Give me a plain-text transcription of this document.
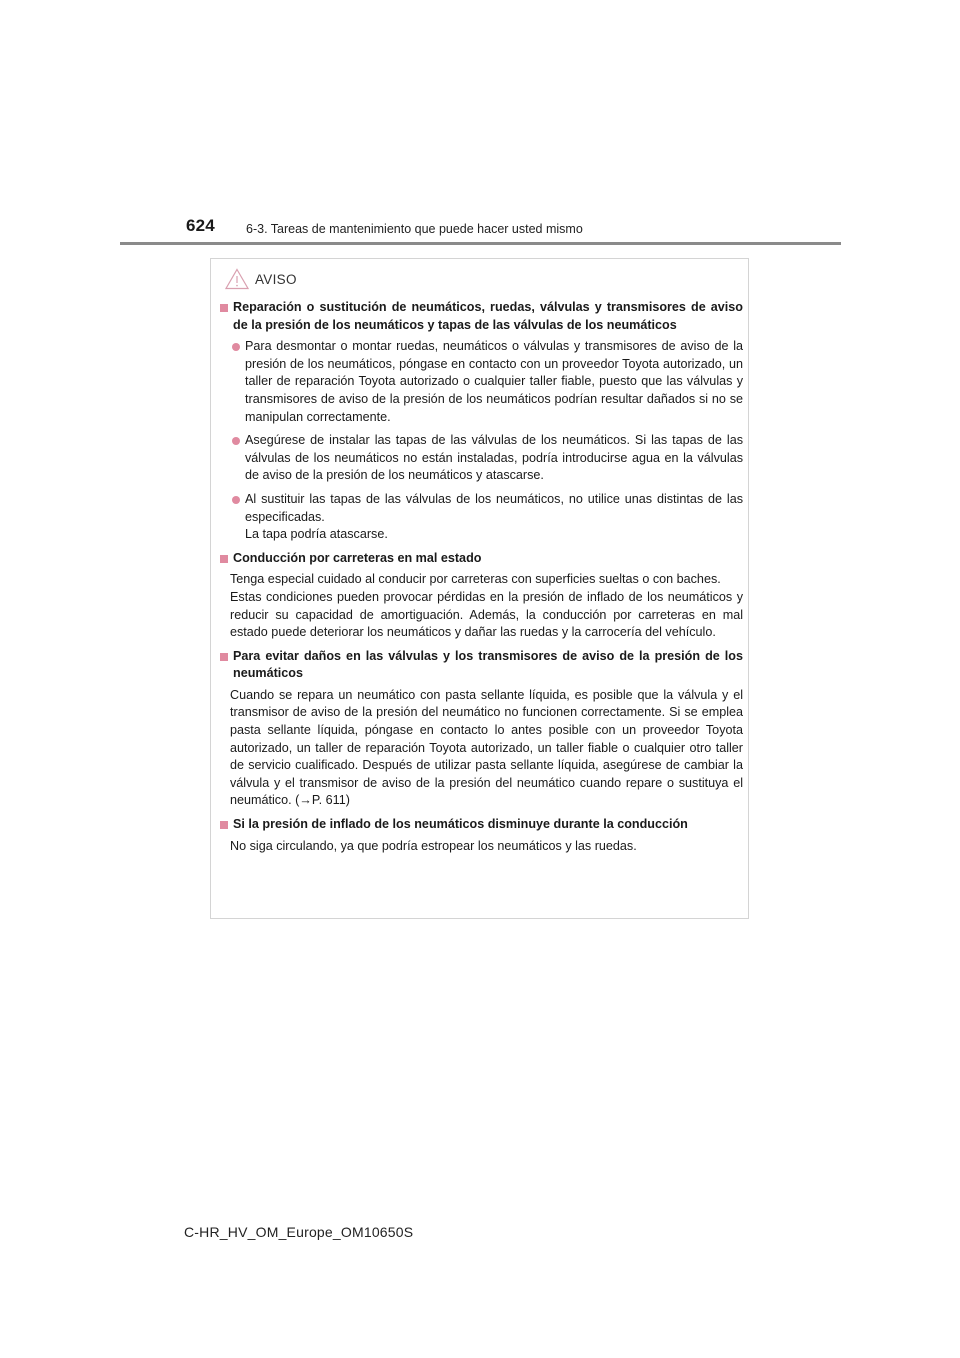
624 6-3. Tareas de mantenimiento que puede hacer usted mismo
AVISO
Reparación o sustitución de neumáticos, ruedas, válvulas y transmisores de aviso de la presión de los neumáticos y tapas de las válvulas de los neumáticos
Para desmontar o montar ruedas, neumáticos o válvulas y transmisores de aviso de la presión de los neumáticos, póngase en contacto con un proveedor Toyota autorizado, un taller de reparación Toyota autorizado o cualquier taller fiable, puesto que las válvulas y transmisores de aviso de la presión de los neumáticos podrían resultar dañados si no se manipulan correctamente.
Asegúrese de instalar las tapas de las válvulas de los neumáticos. Si las tapas de las válvulas de los neumáticos no están instaladas, podría introducirse agua en la válvulas de aviso de la presión de los neumáticos y atascarse.
Al sustituir las tapas de las válvulas de los neumáticos, no utilice unas distintas de las especificadas.
La tapa podría atascarse.
Conducción por carreteras en mal estado
Tenga especial cuidado al conducir por carreteras con superficies sueltas o con baches.
Estas condiciones pueden provocar pérdidas en la presión de inflado de los neumáticos y reducir su capacidad de amortiguación. Además, la conducción por carreteras en mal estado puede deteriorar los neumáticos y dañar las ruedas y la carrocería del vehículo.
Para evitar daños en las válvulas y los transmisores de aviso de la presión de los neumáticos
Cuando se repara un neumático con pasta sellante líquida, es posible que la válvula y el transmisor de aviso de la presión del neumático no funcionen correctamente. Si se emplea pasta sellante líquida, póngase en contacto lo antes posible con un proveedor Toyota autorizado, un taller de reparación Toyota autorizado, un taller fiable o cualquier otro taller de servicio cualificado. Después de utilizar pasta sellante líquida, asegúrese de cambiar la válvula y el transmisor de aviso de la presión del neumático cuando repare o sustituya el neumático. (→P. 611)
Si la presión de inflado de los neumáticos disminuye durante la conducción
No siga circulando, ya que podría estropear los neumáticos y las ruedas.
C-HR_HV_OM_Europe_OM10650S
